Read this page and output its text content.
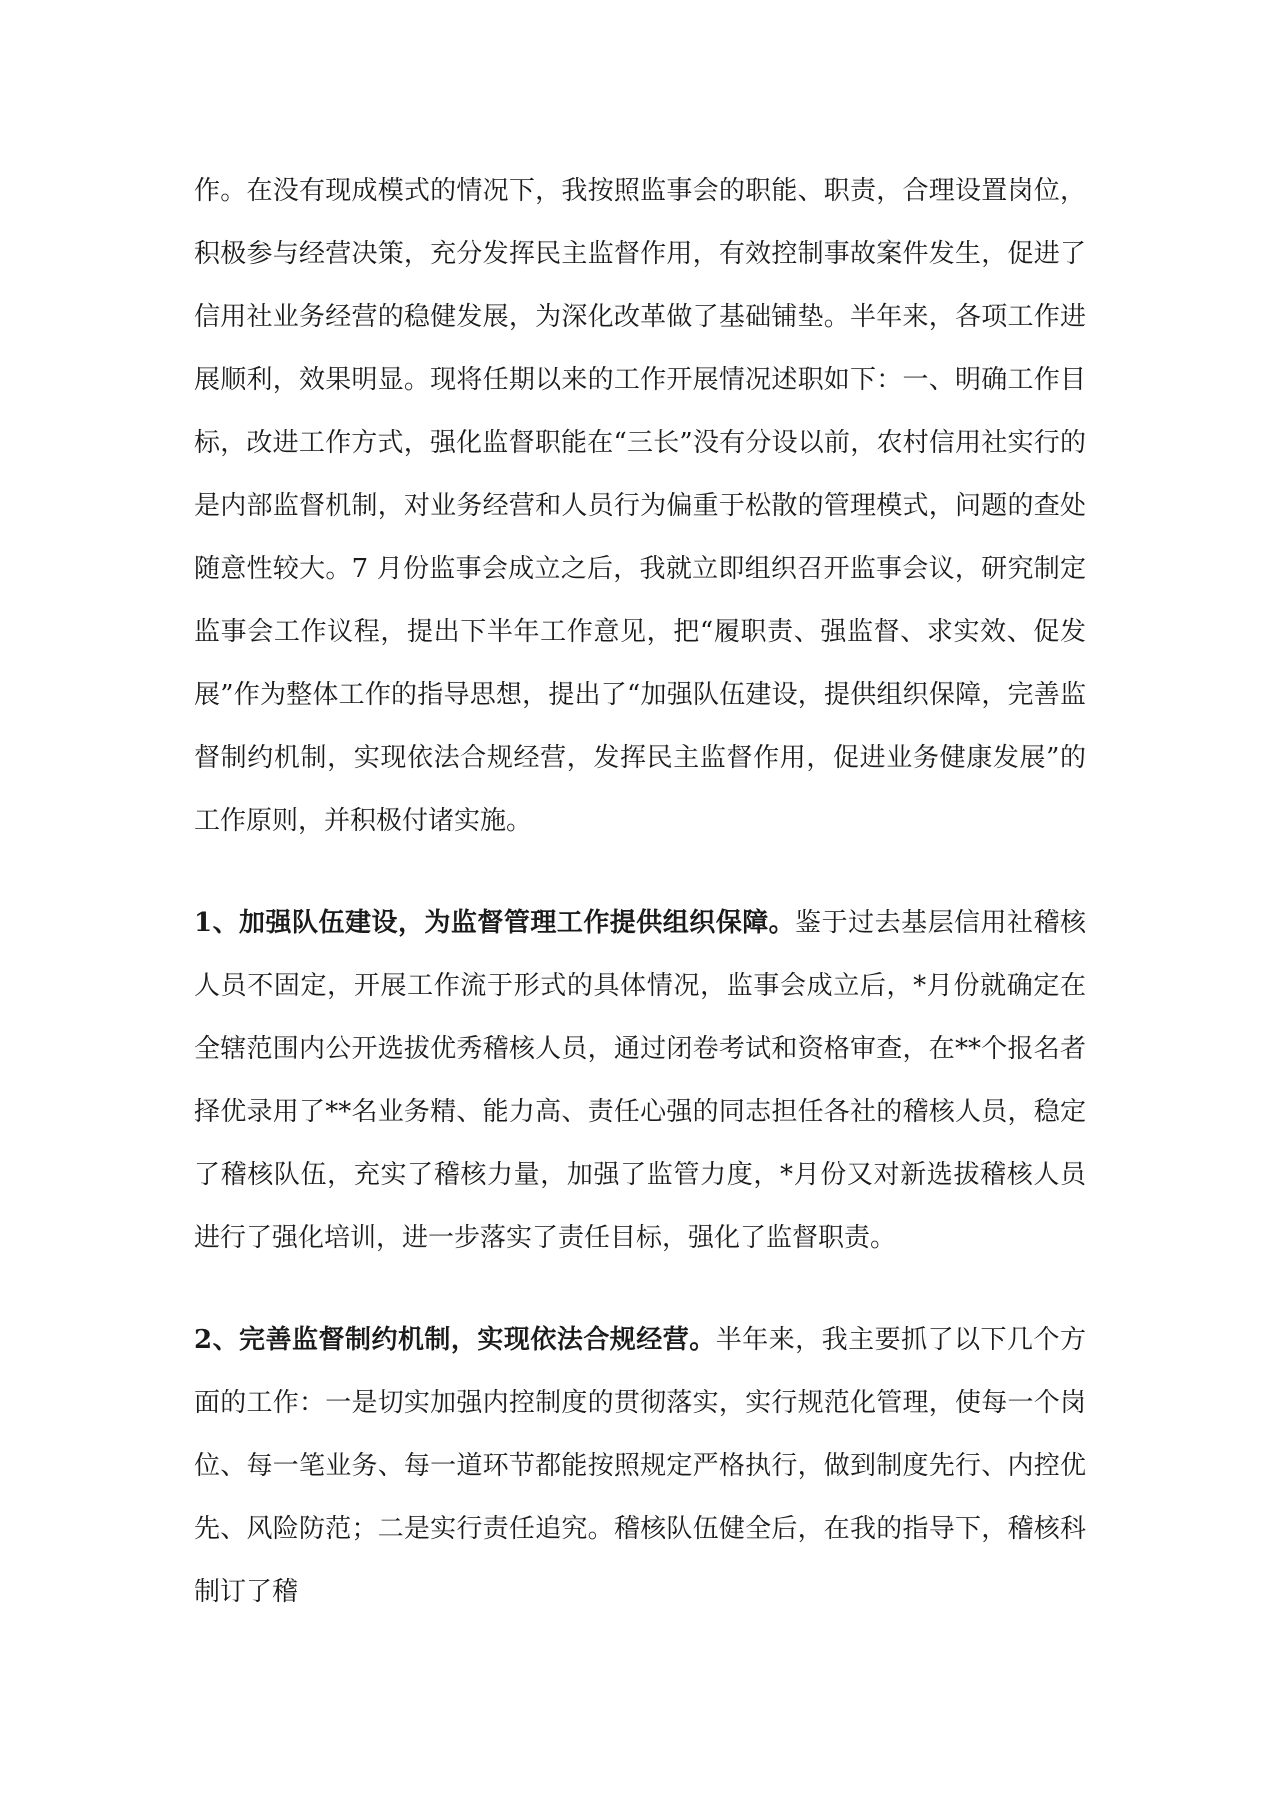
作。在没有现成模式的情况下，我按照监事会的职能、职责，合理设置岗位，积极参与经营决策，充分发挥民主监督作用，有效控制事故案件发生，促进了信用社业务经营的稳健发展，为深化改革做了基础铺垫。半年来，各项工作进展顺利，效果明显。现将任期以来的工作开展情况述职如下：一、明确工作目标，改进工作方式，强化监督职能在“三长”没有分设以前，农村信用社实行的是内部监督机制，对业务经营和人员行为偏重于松散的管理模式，问题的查处随意性较大。7 月份监事会成立之后，我就立即组织召开监事会议，研究制定监事会工作议程，提出下半年工作意见，把“履职责、强监督、求实效、促发展”作为整体工作的指导思想，提出了“加强队伍建设，提供组织保障，完善监督制约机制，实现依法合规经营，发挥民主监督作用，促进业务健康发展”的工作原则，并积极付诸实施。

1、加强队伍建设，为监督管理工作提供组织保障。鉴于过去基层信用社稽核人员不固定，开展工作流于形式的具体情况，监事会成立后，*月份就确定在全辖范围内公开选拔优秀稽核人员，通过闭卷考试和资格审查，在**个报名者择优录用了**名业务精、能力高、责任心强的同志担任各社的稽核人员，稳定了稽核队伍，充实了稽核力量，加强了监管力度，*月份又对新选拔稽核人员进行了强化培训，进一步落实了责任目标，强化了监督职责。

2、完善监督制约机制，实现依法合规经营。半年来，我主要抓了以下几个方面的工作：一是切实加强内控制度的贯彻落实，实行规范化管理，使每一个岗位、每一笔业务、每一道环节都能按照规定严格执行，做到制度先行、内控优先、风险防范；二是实行责任追究。稽核队伍健全后，在我的指导下，稽核科制订了稽
